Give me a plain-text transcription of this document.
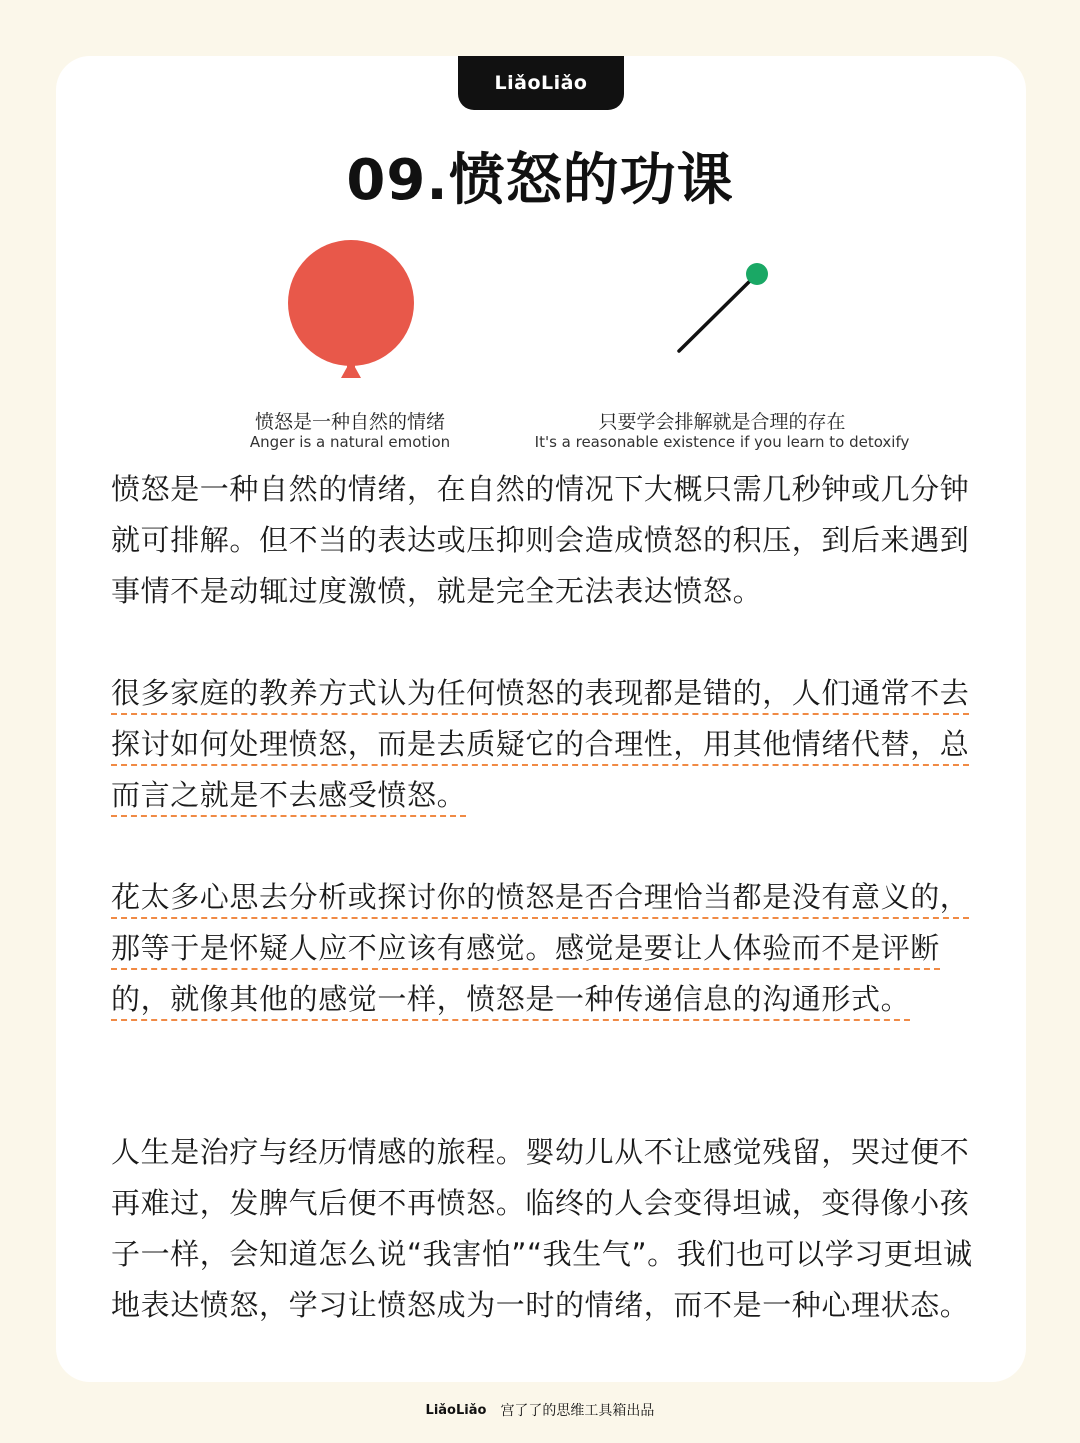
LiǎoLiǎo
09.愤怒的功课
愤怒是一种自然的情绪
Anger is a natural emotion
只要学会排解就是合理的存在
It's a reasonable existence if you learn to detoxify

愤怒是一种自然的情绪，在自然的情况下大概只需几秒钟或几分钟就可排解。但不当的表达或压抑则会造成愤怒的积压，到后来遇到事情不是动辄过度激愤，就是完全无法表达愤怒。

很多家庭的教养方式认为任何愤怒的表现都是错的，人们通常不去探讨如何处理愤怒，而是去质疑它的合理性，用其他情绪代替，总而言之就是不去感受愤怒。

花太多心思去分析或探讨你的愤怒是否合理恰当都是没有意义的，那等于是怀疑人应不应该有感觉。感觉是要让人体验而不是评断的，就像其他的感觉一样，愤怒是一种传递信息的沟通形式。

人生是治疗与经历情感的旅程。婴幼儿从不让感觉残留，哭过便不再难过，发脾气后便不再愤怒。临终的人会变得坦诚，变得像小孩子一样，会知道怎么说“我害怕”“我生气”。我们也可以学习更坦诚地表达愤怒，学习让愤怒成为一时的情绪，而不是一种心理状态。

LiǎoLiǎo 宫了了的思维工具箱出品
